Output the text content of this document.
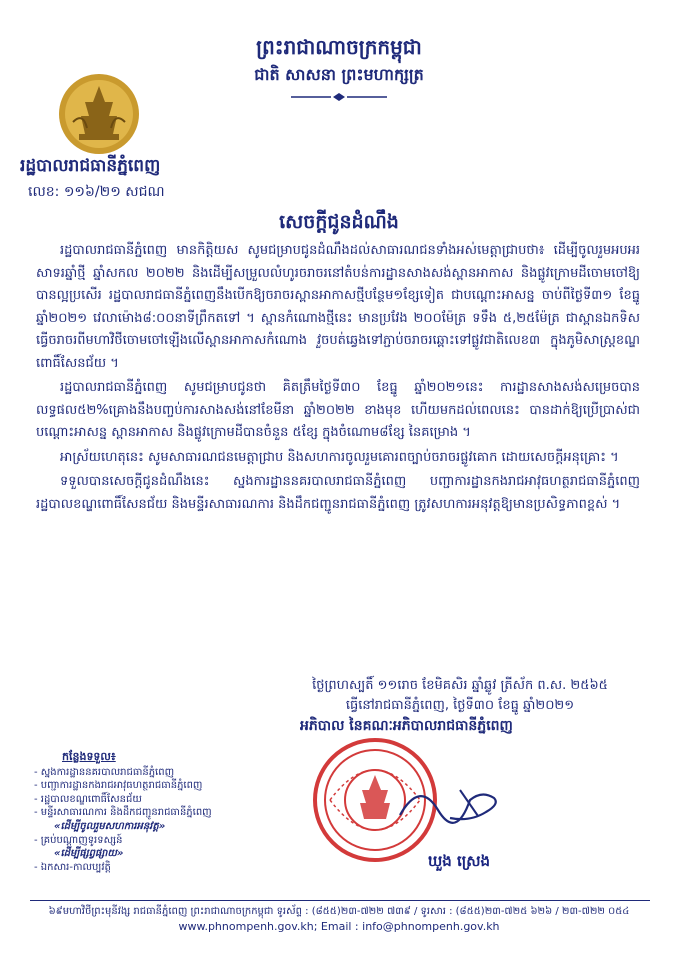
ព្រះរាជាណាចក្រកម្ពុជា
ជាតិ សាសនា ព្រះមហាក្សត្រ
រដ្ឋបាលរាជធានីភ្នំពេញ
លេខ: ១១៦/២១ សជណ
សេចក្តីជូនដំណឹង

រដ្ឋបាលរាជធានីភ្នំពេញ មានកិត្តិយស សូមជម្រាបជូនដំណឹងដល់សាធារណជនទាំងអស់មេត្តាជ្រាបថា៖ ដើម្បីចូលរួមអបអរសាទរឆ្នាំថ្មី ឆ្នាំសកល ២០២២ និងដើម្បីសម្រួលលំហូរចរាចរនៅតំបន់ការដ្ឋានសាងសង់ស្ពានអាកាស និងផ្លូវក្រោមដីចោមចៅឱ្យបានល្អប្រសើរ រដ្ឋបាលរាជធានីភ្នំពេញនឹងបើកឱ្យចរាចរស្ពានអាកាសថ្មីបន្ថែម១ខ្សែទៀត ជាបណ្តោះអាសន្ន ចាប់ពីថ្ងៃទី៣១ ខែធ្នូ ឆ្នាំ២០២១ វេលាម៉ោង៨:០០នាទីព្រឹកតទៅ ។ ស្ពានកំណោងថ្មីនេះ មានប្រវែង ២០០ម៉ែត្រ ទទឹង ៥,២៥ម៉ែត្រ ជាស្ពានឯកទិស ធ្វើចរាចរពីមហាវិថីចោមចៅឡើងលើស្ពានអាកាសកំណោង វួចបត់ឆ្វេងទៅភ្ជាប់ចរាចរឆ្ពោះទៅផ្លូវជាតិលេខ៣ ក្នុងភូមិសាស្ត្រខណ្ឌពោធិ៍សែនជ័យ ។

រដ្ឋបាលរាជធានីភ្នំពេញ សូមជម្រាបជូនថា គិតត្រឹមថ្ងៃទី៣០ ខែធ្នូ ឆ្នាំ២០២១នេះ ការដ្ឋានសាងសង់សម្រេចបានលទ្ធផល៥២%គ្រោងនឹងបញ្ចប់ការសាងសង់នៅខែមីនា ឆ្នាំ២០២២ ខាងមុខ ហើយមកដល់ពេលនេះ បានដាក់ឱ្យប្រើប្រាស់ជាបណ្តោះអាសន្ន ស្ពានអាកាស និងផ្លូវក្រោមដីបានចំនួន ៥ខ្សែ ក្នុងចំណោម៨ខ្សែ នៃគម្រោង ។

អាស្រ័យហេតុនេះ សូមសាធារណជនមេត្តាជ្រាប និងសហការចូលរួមគោរពច្បាប់ចរាចរផ្លូវគោក ដោយសេចក្តីអនុគ្រោះ ។

ទទួលបានសេចក្តីជូនដំណឹងនេះ ស្នងការដ្ឋាននគរបាលរាជធានីភ្នំពេញ បញ្ជាការដ្ឋានកងរាជអាវុធហត្ថរាជធានីភ្នំពេញ រដ្ឋបាលខណ្ឌពោធិ៍សែនជ័យ និងមន្ទីរសាធារណការ និងដឹកជញ្ជូនរាជធានីភ្នំពេញ ត្រូវសហការអនុវត្តឱ្យមានប្រសិទ្ធភាពខ្ពស់ ។

ថ្ងៃព្រហស្បតិ៍ ១១រោច ខែមិគសិរ ឆ្នាំឆ្លូវ ត្រីស័ក ព.ស. ២៥៦៥
ធ្វើនៅរាជធានីភ្នំពេញ, ថ្ងៃទី៣០ ខែធ្នូ ឆ្នាំ២០២១
អភិបាល នៃគណៈអភិបាលរាជធានីភ្នំពេញ
ឃួង ស្រេង
កន្លែងទទួល៖
- ស្នងការដ្ឋាននគរបាលរាជធានីភ្នំពេញ
- បញ្ជាការដ្ឋានកងរាជអាវុធហត្ថរាជធានីភ្នំពេញ
- រដ្ឋបាលខណ្ឌពោធិ៍សែនជ័យ
- មន្ទីរសាធារណការ និងដឹកជញ្ជូនរាជធានីភ្នំពេញ
«ដើម្បីចូលរួមសហការអនុវត្ត»
- គ្រប់បណ្តាញទូរទស្សន៍
«ដើម្បីផ្សព្វផ្សាយ»
- ឯកសារ-កាលប្បវត្តិ
៦៩មហាវិថីព្រះមុនីវង្ស រាជធានីភ្នំពេញ ព្រះរាជាណាចក្រកម្ពុជា ទូរស័ព្ទ : (៨៥៥)២៣-៧២២ ៧៣៩ / ទូរសារ : (៨៥៥)២៣-៧២៥ ៦២៦ / ២៣-៧២២ ០៥៤
www.phnompenh.gov.kh; Email : info@phnompenh.gov.kh
